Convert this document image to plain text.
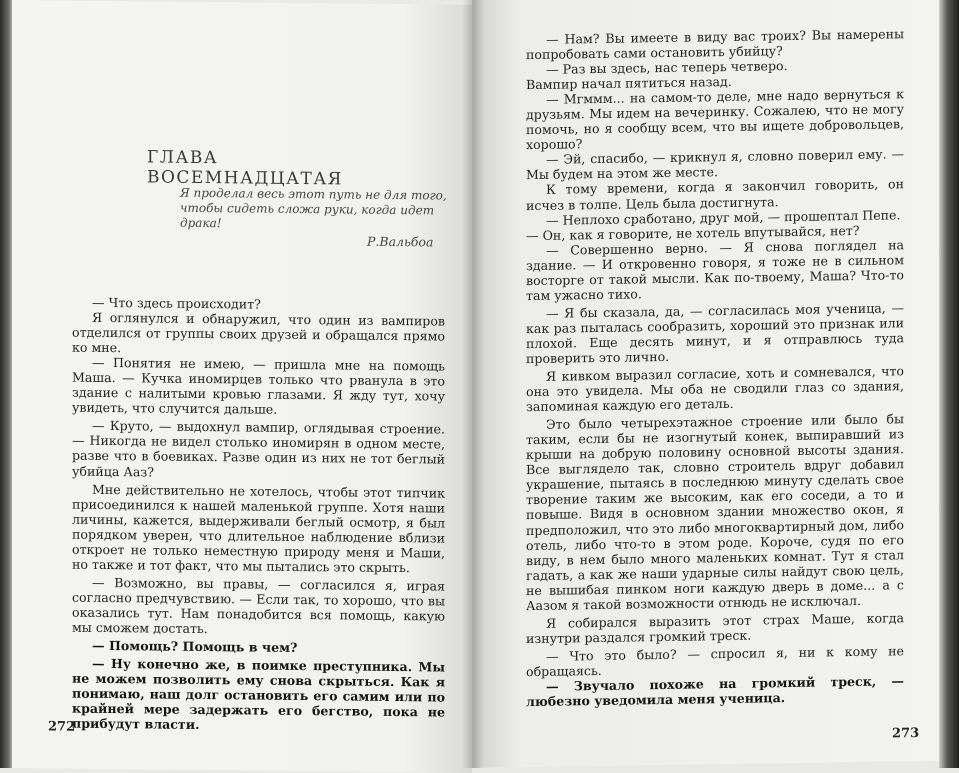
ГЛАВА ВОСЕМНАДЦАТАЯ
Я проделал весь этот путь не для того, чтобы сидеть сложа руки, когда идет драка!
Р.Вальбоа

— Что здесь происходит?

Я оглянулся и обнаружил, что один из вампиров отделился от группы своих друзей и обращался прямо ко мне.

— Понятия не имею, — пришла мне на помощь Маша. — Кучка иномирцев только что рванула в это здание с налитыми кровью глазами. Я жду тут, хочу увидеть, что случится дальше.

— Круто, — выдохнул вампир, оглядывая строение. — Никогда не видел столько иномирян в одном месте, разве что в боевиках. Разве один из них не тот беглый убийца Ааз?

Мне действительно не хотелось, чтобы этот типчик присоединился к нашей маленькой группе. Хотя наши личины, кажется, выдерживали беглый осмотр, я был порядком уверен, что длительное наблюдение вблизи откроет не только неместную природу меня и Маши, но также и тот факт, что мы пытались это скрыть.

— Возможно, вы правы, — согласился я, играя согласно предчувствию. — Если так, то хорошо, что вы оказались тут. Нам понадобится вся помощь, какую мы сможем достать.

— Помощь? Помощь в чем?

— Ну конечно же, в поимке преступника. Мы не можем позволить ему снова скрыться. Как я понимаю, наш долг остановить его самим или по крайней мере задержать его бегство, пока не прибудут власти.

272

— Нам? Вы имеете в виду вас троих? Вы намерены попробовать сами остановить убийцу?

— Раз вы здесь, нас теперь четверо.

Вампир начал пятиться назад.

— Мгммм... на самом-то деле, мне надо вернуться к друзьям. Мы идем на вечеринку. Сожалею, что не могу помочь, но я сообщу всем, что вы ищете добровольцев, хорошо?

— Эй, спасибо, — крикнул я, словно поверил ему. — Мы будем на этом же месте.

К тому времени, когда я закончил говорить, он исчез в толпе. Цель была достигнута.

— Неплохо сработано, друг мой, — прошептал Пепе.

— Он, как я говорите, не хотель впутывайся, нет?

— Совершенно верно. — Я снова поглядел на здание. — И откровенно говоря, я тоже не в сильном восторге от такой мысли. Как по-твоему, Маша? Что-то там ужасно тихо.

— Я бы сказала, да, — согласилась моя ученица, — как раз пыталась сообразить, хороший это признак или плохой. Еще десять минут, и я отправлюсь туда проверить это лично.

Я кивком выразил согласие, хоть и сомневался, что она это увидела. Мы оба не сводили глаз со здания, запоминая каждую его деталь.

Это было четырехэтажное строение или было бы таким, если бы не изогнутый конек, выпиравший из крыши на добрую половину основной высоты здания. Все выглядело так, словно строитель вдруг добавил украшение, пытаясь в последнюю минуту сделать свое творение таким же высоким, как его соседи, а то и повыше. Видя в основном здании множество окон, я предположил, что это либо многоквартирный дом, либо отель, либо что-то в этом роде. Короче, судя по его виду, в нем было много маленьких комнат. Тут я стал гадать, а как же наши ударные силы найдут свою цель, не вышибая пинком ноги каждую дверь в доме... а с Аазом я такой возможности отнюдь не исключал.

Я собирался выразить этот страх Маше, когда изнутри раздался громкий треск.

— Что это было? — спросил я, ни к кому не обращаясь.

— Звучало похоже на громкий треск, — любезно уведомила меня ученица.

273
